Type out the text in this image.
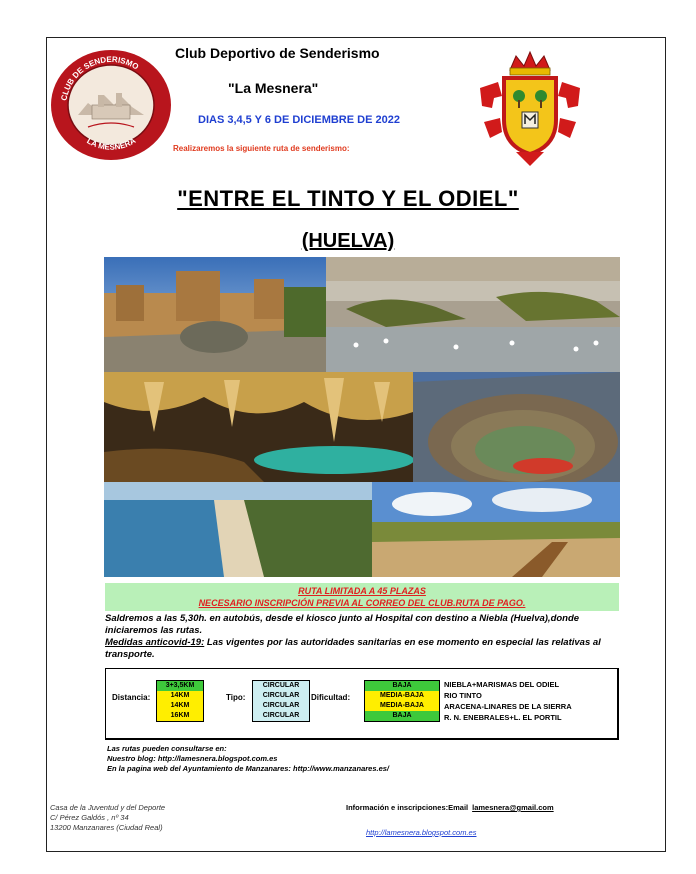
CLUB DE SENDERISMO
LA MESNERA
Club Deportivo de Senderismo
"La Mesnera"
DIAS 3,4,5 Y 6 DE DICIEMBRE DE 2022
Realizaremos la siguiente ruta de senderismo:
"ENTRE EL TINTO Y EL ODIEL"
(HUELVA)
RUTA LIMITADA A 45 PLAZAS
NECESARIO INSCRIPCIÓN PREVIA AL CORREO DEL CLUB.RUTA DE PAGO.
Saldremos a las 5,30h. en autobús, desde el kiosco junto al Hospital con destino a Niebla (Huelva),donde iniciaremos las rutas.
Medidas anticovid-19: Las vigentes por las autoridades sanitarias en ese momento en especial las relativas al transporte.
Distancia:
3+3,5KM
14KM
14KM
16KM
Tipo:
CIRCULAR
CIRCULAR
CIRCULAR
CIRCULAR
Dificultad:
BAJA
MEDIA-BAJA
MEDIA-BAJA
BAJA
NIEBLA+MARISMAS DEL ODIEL
RIO TINTO
ARACENA-LINARES DE LA SIERRA
R. N. ENEBRALES+L. EL PORTIL
Las rutas pueden consultarse en:
Nuestro blog: http://lamesnera.blogspot.com.es
En la pagina web del Ayuntamiento de Manzanares: http://www.manzanares.es/
Casa de la Juventud y del Deporte
C/ Pérez Galdós , nº 34
13200 Manzanares (Ciudad Real)
Información e inscripciones:Email lamesnera@gmail.com
http://lamesnera.blogspot.com.es
